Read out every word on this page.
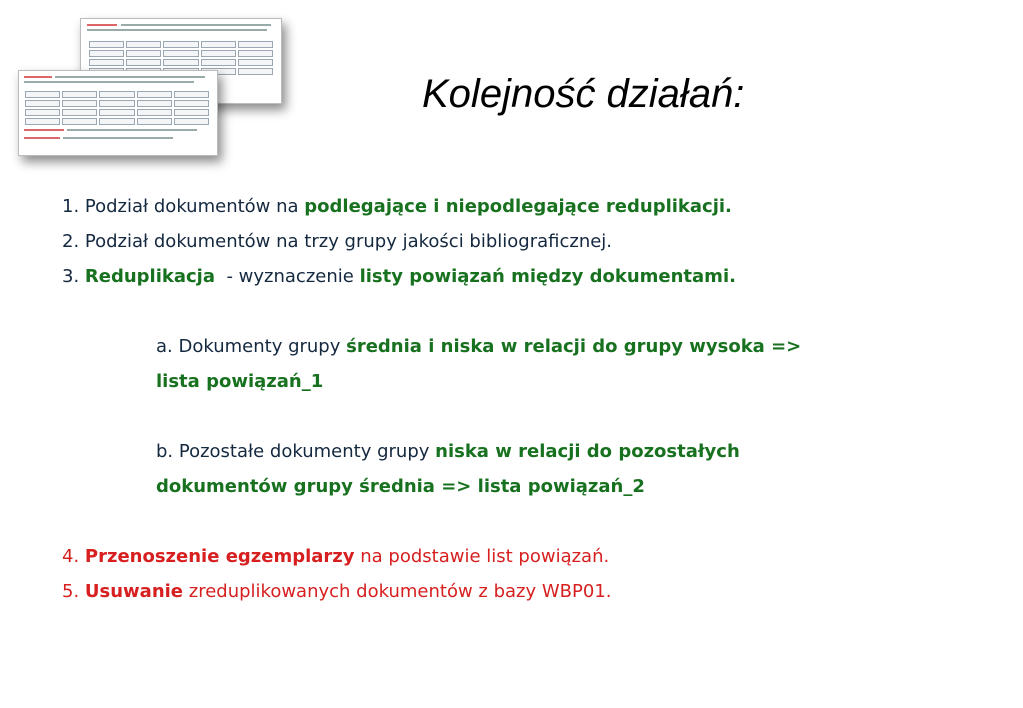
Kolejność działań:
1. Podział dokumentów na podlegające i niepodlegające reduplikacji.
2. Podział dokumentów na trzy grupy jakości bibliograficznej.
3. Reduplikacja  - wyznaczenie listy powiązań między dokumentami.
a. Dokumenty grupy średnia i niska w relacji do grupy wysoka =>
lista powiązań_1
b. Pozostałe dokumenty grupy niska w relacji do pozostałych
dokumentów grupy średnia => lista powiązań_2
4. Przenoszenie egzemplarzy na podstawie list powiązań.
5. Usuwanie zreduplikowanych dokumentów z bazy WBP01.
